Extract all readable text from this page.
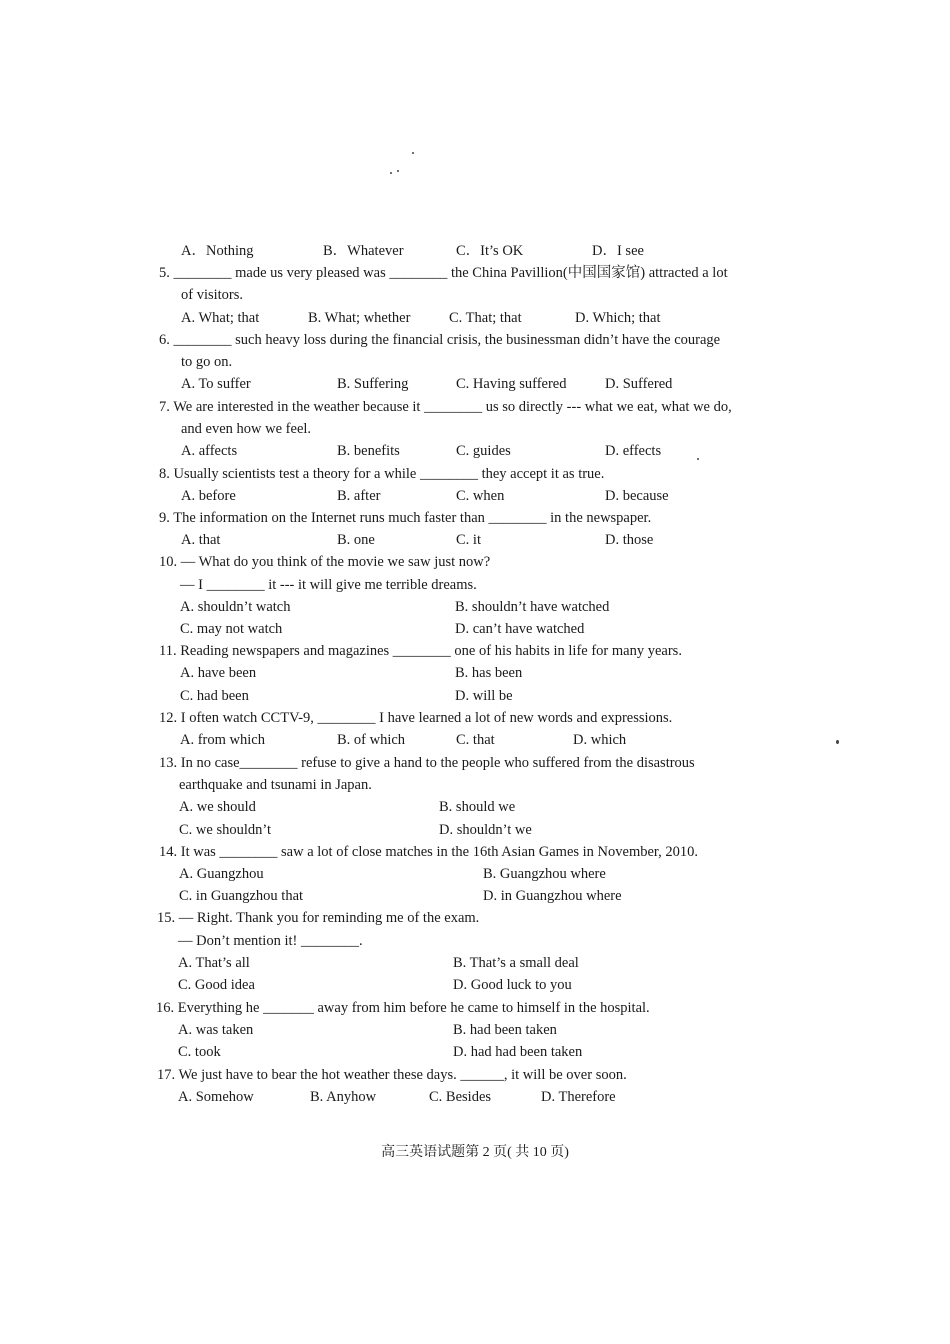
A．Nothing	B．Whatever	C．It’s OK	D．I see
5. ________ made us very pleased was ________ the China Pavillion(中国国家馆) attracted a lot
of visitors.
A. What; that	B. What; whether	C. That; that	D. Which; that
6. ________ such heavy loss during the financial crisis, the businessman didn’t have the courage
to go on.
A. To suffer	B. Suffering	C. Having suffered	D. Suffered
7. We are interested in the weather because it ________ us so directly --- what we eat, what we do,
and even how we feel.
A. affects	B. benefits	C. guides	D. effects
8. Usually scientists test a theory for a while ________ they accept it as true.
A. before	B. after	C. when	D. because
9. The information on the Internet runs much faster than ________ in the newspaper.
A. that	B. one	C. it	D. those
10. — What do you think of the movie we saw just now?
— I ________ it --- it will give me terrible dreams.
A. shouldn’t watch	B. shouldn’t have watched
C. may not watch	D. can’t have watched
11. Reading newspapers and magazines ________ one of his habits in life for many years.
A. have been	B. has been
C. had been	D. will be
12. I often watch CCTV-9, ________ I have learned a lot of new words and expressions.
A. from which	B. of which	C. that	D. which
13. In no case________ refuse to give a hand to the people who suffered from the disastrous
earthquake and tsunami in Japan.
A. we should	B. should we
C. we shouldn’t	D. shouldn’t we
14. It was ________ saw a lot of close matches in the 16th Asian Games in November, 2010.
A. Guangzhou	B. Guangzhou where
C. in Guangzhou that	D. in Guangzhou where
15. — Right. Thank you for reminding me of the exam.
— Don’t mention it! ________.
A. That’s all	B. That’s a small deal
C. Good idea	D. Good luck to you
16. Everything he _______ away from him before he came to himself in the hospital.
A. was taken	B. had been taken
C. took	D. had had been taken
17. We just have to bear the hot weather these days. ______, it will be over soon.
A. Somehow	B. Anyhow	C. Besides	D. Therefore
高三英语试题第 2 页( 共 10 页)
